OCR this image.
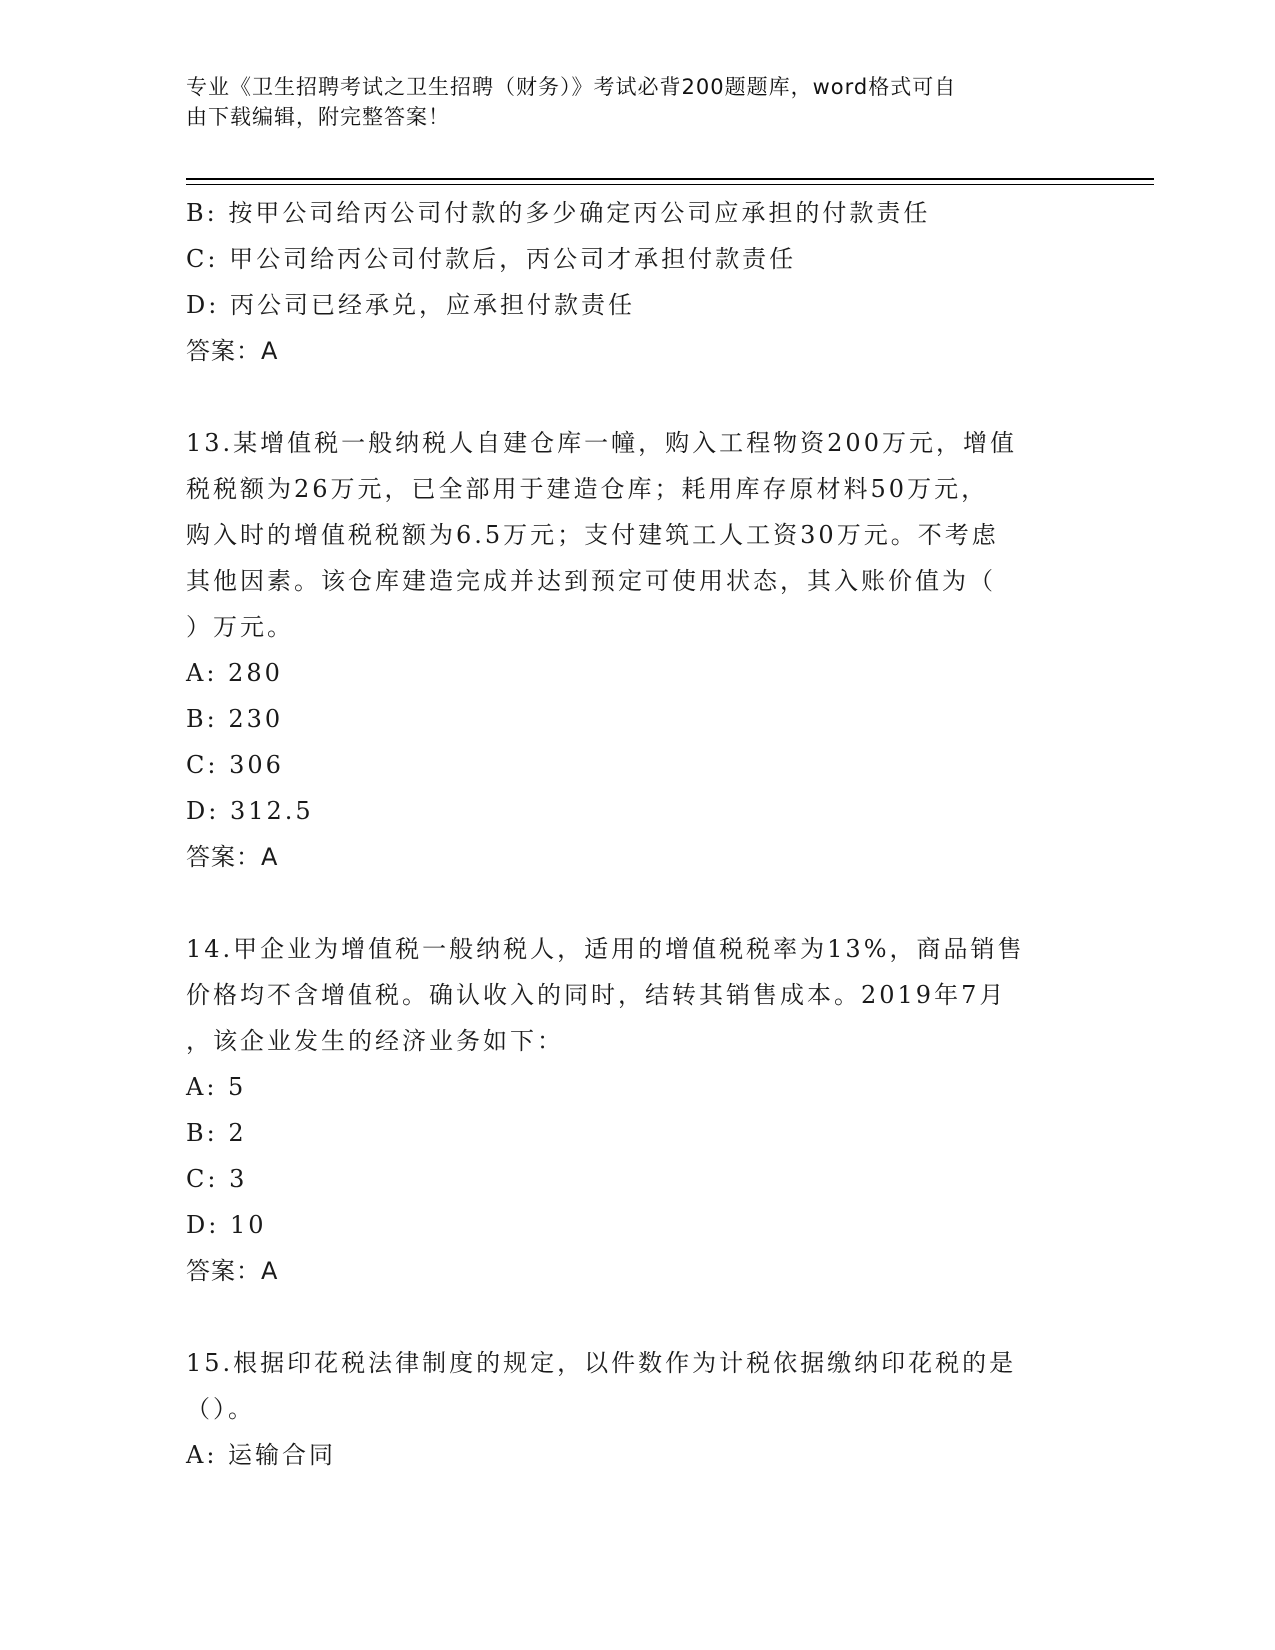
专业《卫生招聘考试之卫生招聘（财务）》考试必背200题题库，word格式可自
由下载编辑，附完整答案！
B: 按甲公司给丙公司付款的多少确定丙公司应承担的付款责任
C: 甲公司给丙公司付款后，丙公司才承担付款责任
D: 丙公司已经承兑，应承担付款责任
答案：A
13.某增值税一般纳税人自建仓库一幢，购入工程物资200万元，增值
税税额为26万元，已全部用于建造仓库；耗用库存原材料50万元，
购入时的增值税税额为6.5万元；支付建筑工人工资30万元。不考虑
其他因素。该仓库建造完成并达到预定可使用状态，其入账价值为（
）万元。
A: 280
B: 230
C: 306
D: 312.5
答案：A
14.甲企业为增值税一般纳税人，适用的增值税税率为13%，商品销售
价格均不含增值税。确认收入的同时，结转其销售成本。2019年7月
，该企业发生的经济业务如下：
A: 5
B: 2
C: 3
D: 10
答案：A
15.根据印花税法律制度的规定，以件数作为计税依据缴纳印花税的是
（）。
A: 运输合同
